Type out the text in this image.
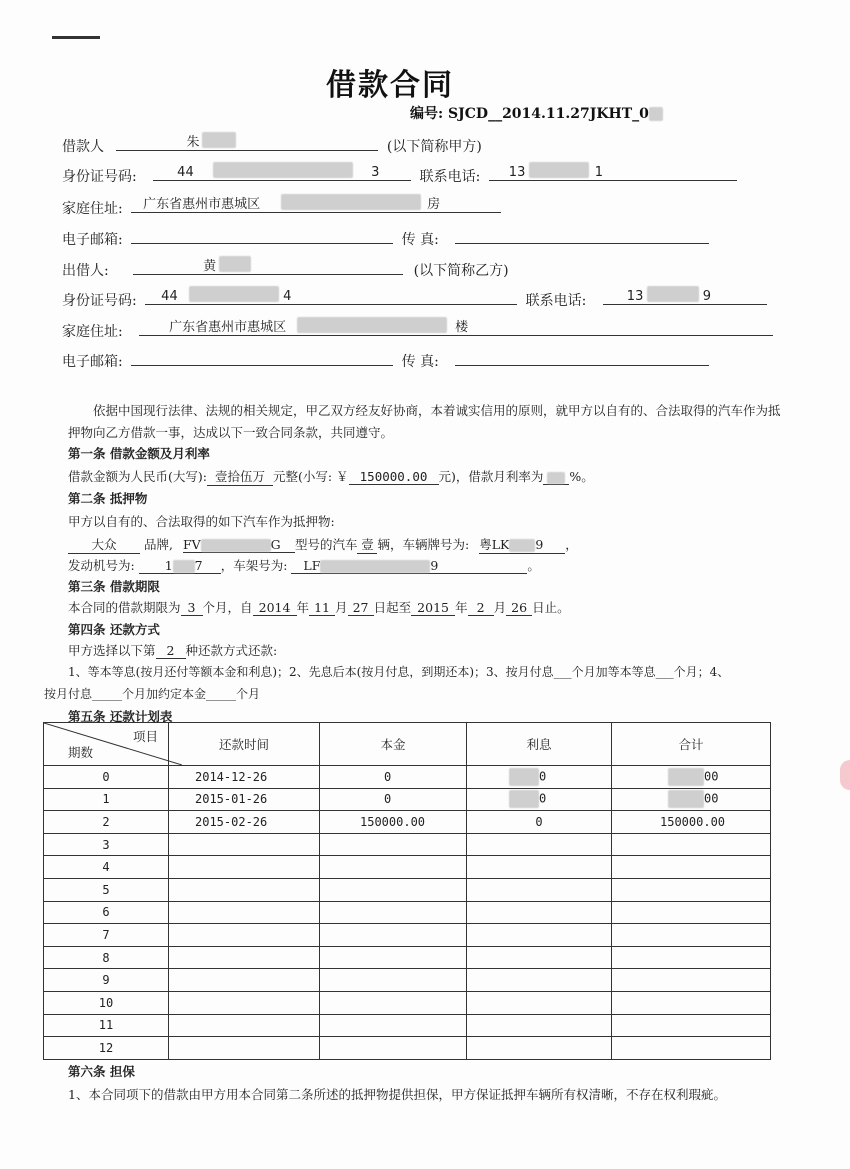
借款合同
编号: SJCD__2014.11.27JKHT_0
借款人	朱	(以下简称甲方)
身份证号码:	44	3	联系电话: 13	1
家庭住址: 广东省惠州市惠城区	房
电子邮箱:	传 真:
出借人:	黄	(以下简称乙方)
身份证号码: 44	4	联系电话:	13	9
家庭住址:	广东省惠州市惠城区	楼
电子邮箱:	传 真:
依据中国现行法律、法规的相关规定，甲乙双方经友好协商，本着诚实信用的原则，就甲方以自有的、合法取得的汽车作为抵押物向乙方借款一事，达成以下一致合同条款，共同遵守。
第一条 借款金额及月利率
借款金额为人民币(大写): 壹拾伍万 元整(小写: ￥ 150000.00 元)，借款月利率为 %。
第二条 抵押物
甲方以自有的、合法取得的如下汽车作为抵押物:
大众 品牌, FV	G 型号的汽车 壹 辆，车辆牌号为: 粤LK 9 ，
发动机号为: 1 7 ，车架号为: LF	9	。
第三条 借款期限
本合同的借款期限为 3 个月，自 2014 年 11 月 27 日起至 2015 年 2 月 26 日止。
第四条 还款方式
甲方选择以下第 2 种还款方式还款:
1、等本等息(按月还付等额本金和利息)；2、先息后本(按月付息，到期还本)；3、按月付息___个月加等本等息___个月；4、
按月付息_____个月加约定本金_____个月
第五条 还款计划表
项目
期数	还款时间	本金	利息	合计
0	2014-12-26	0	0	00
1	2015-01-26	0	0	00
2	2015-02-26	150000.00	0	150000.00
3				
4				
5				
6				
7				
8				
9				
10				
11				
12				
第六条 担保
1、本合同项下的借款由甲方用本合同第二条所述的抵押物提供担保，甲方保证抵押车辆所有权清晰，不存在权利瑕疵。
